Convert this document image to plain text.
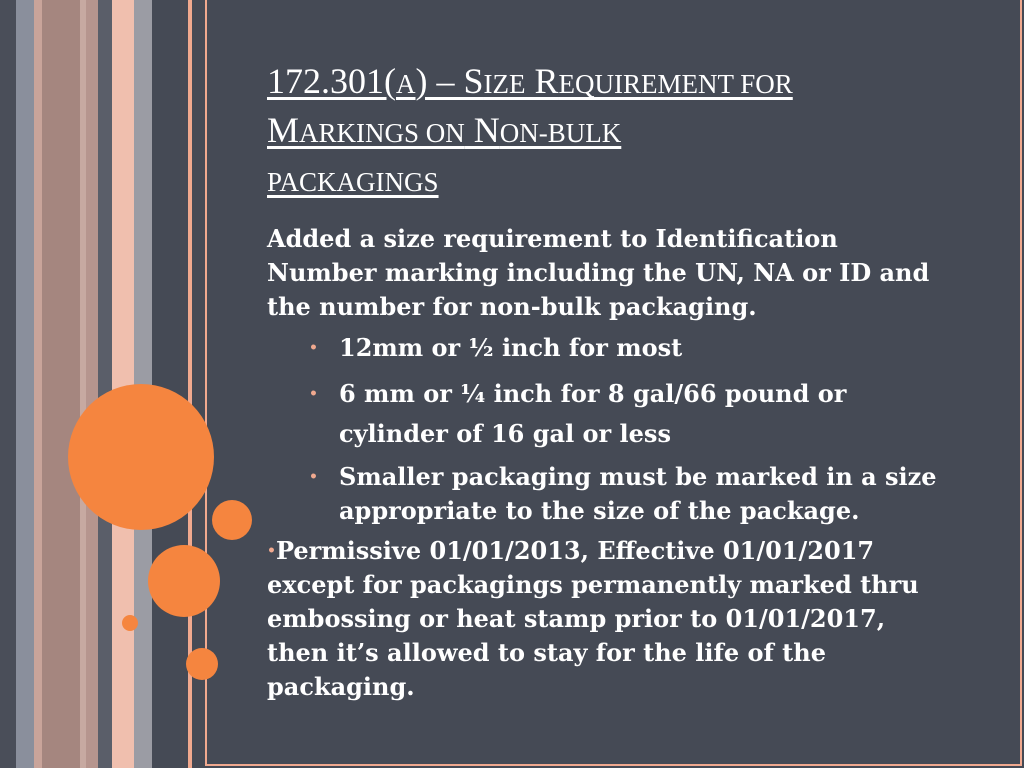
172.301(A) – SIZE REQUIREMENT FOR
MARKINGS ON NON-BULK
PACKAGINGS

Added a size requirement to Identification Number marking including the UN, NA or ID and the number for non-bulk packaging.

• 12mm or ½ inch for most
• 6 mm or ¼ inch for 8 gal/66 pound or cylinder of 16 gal or less
• Smaller packaging must be marked in a size appropriate to the size of the package.

•Permissive 01/01/2013, Effective 01/01/2017 except for packagings permanently marked thru embossing or heat stamp prior to 01/01/2017, then it’s allowed to stay for the life of the packaging.
